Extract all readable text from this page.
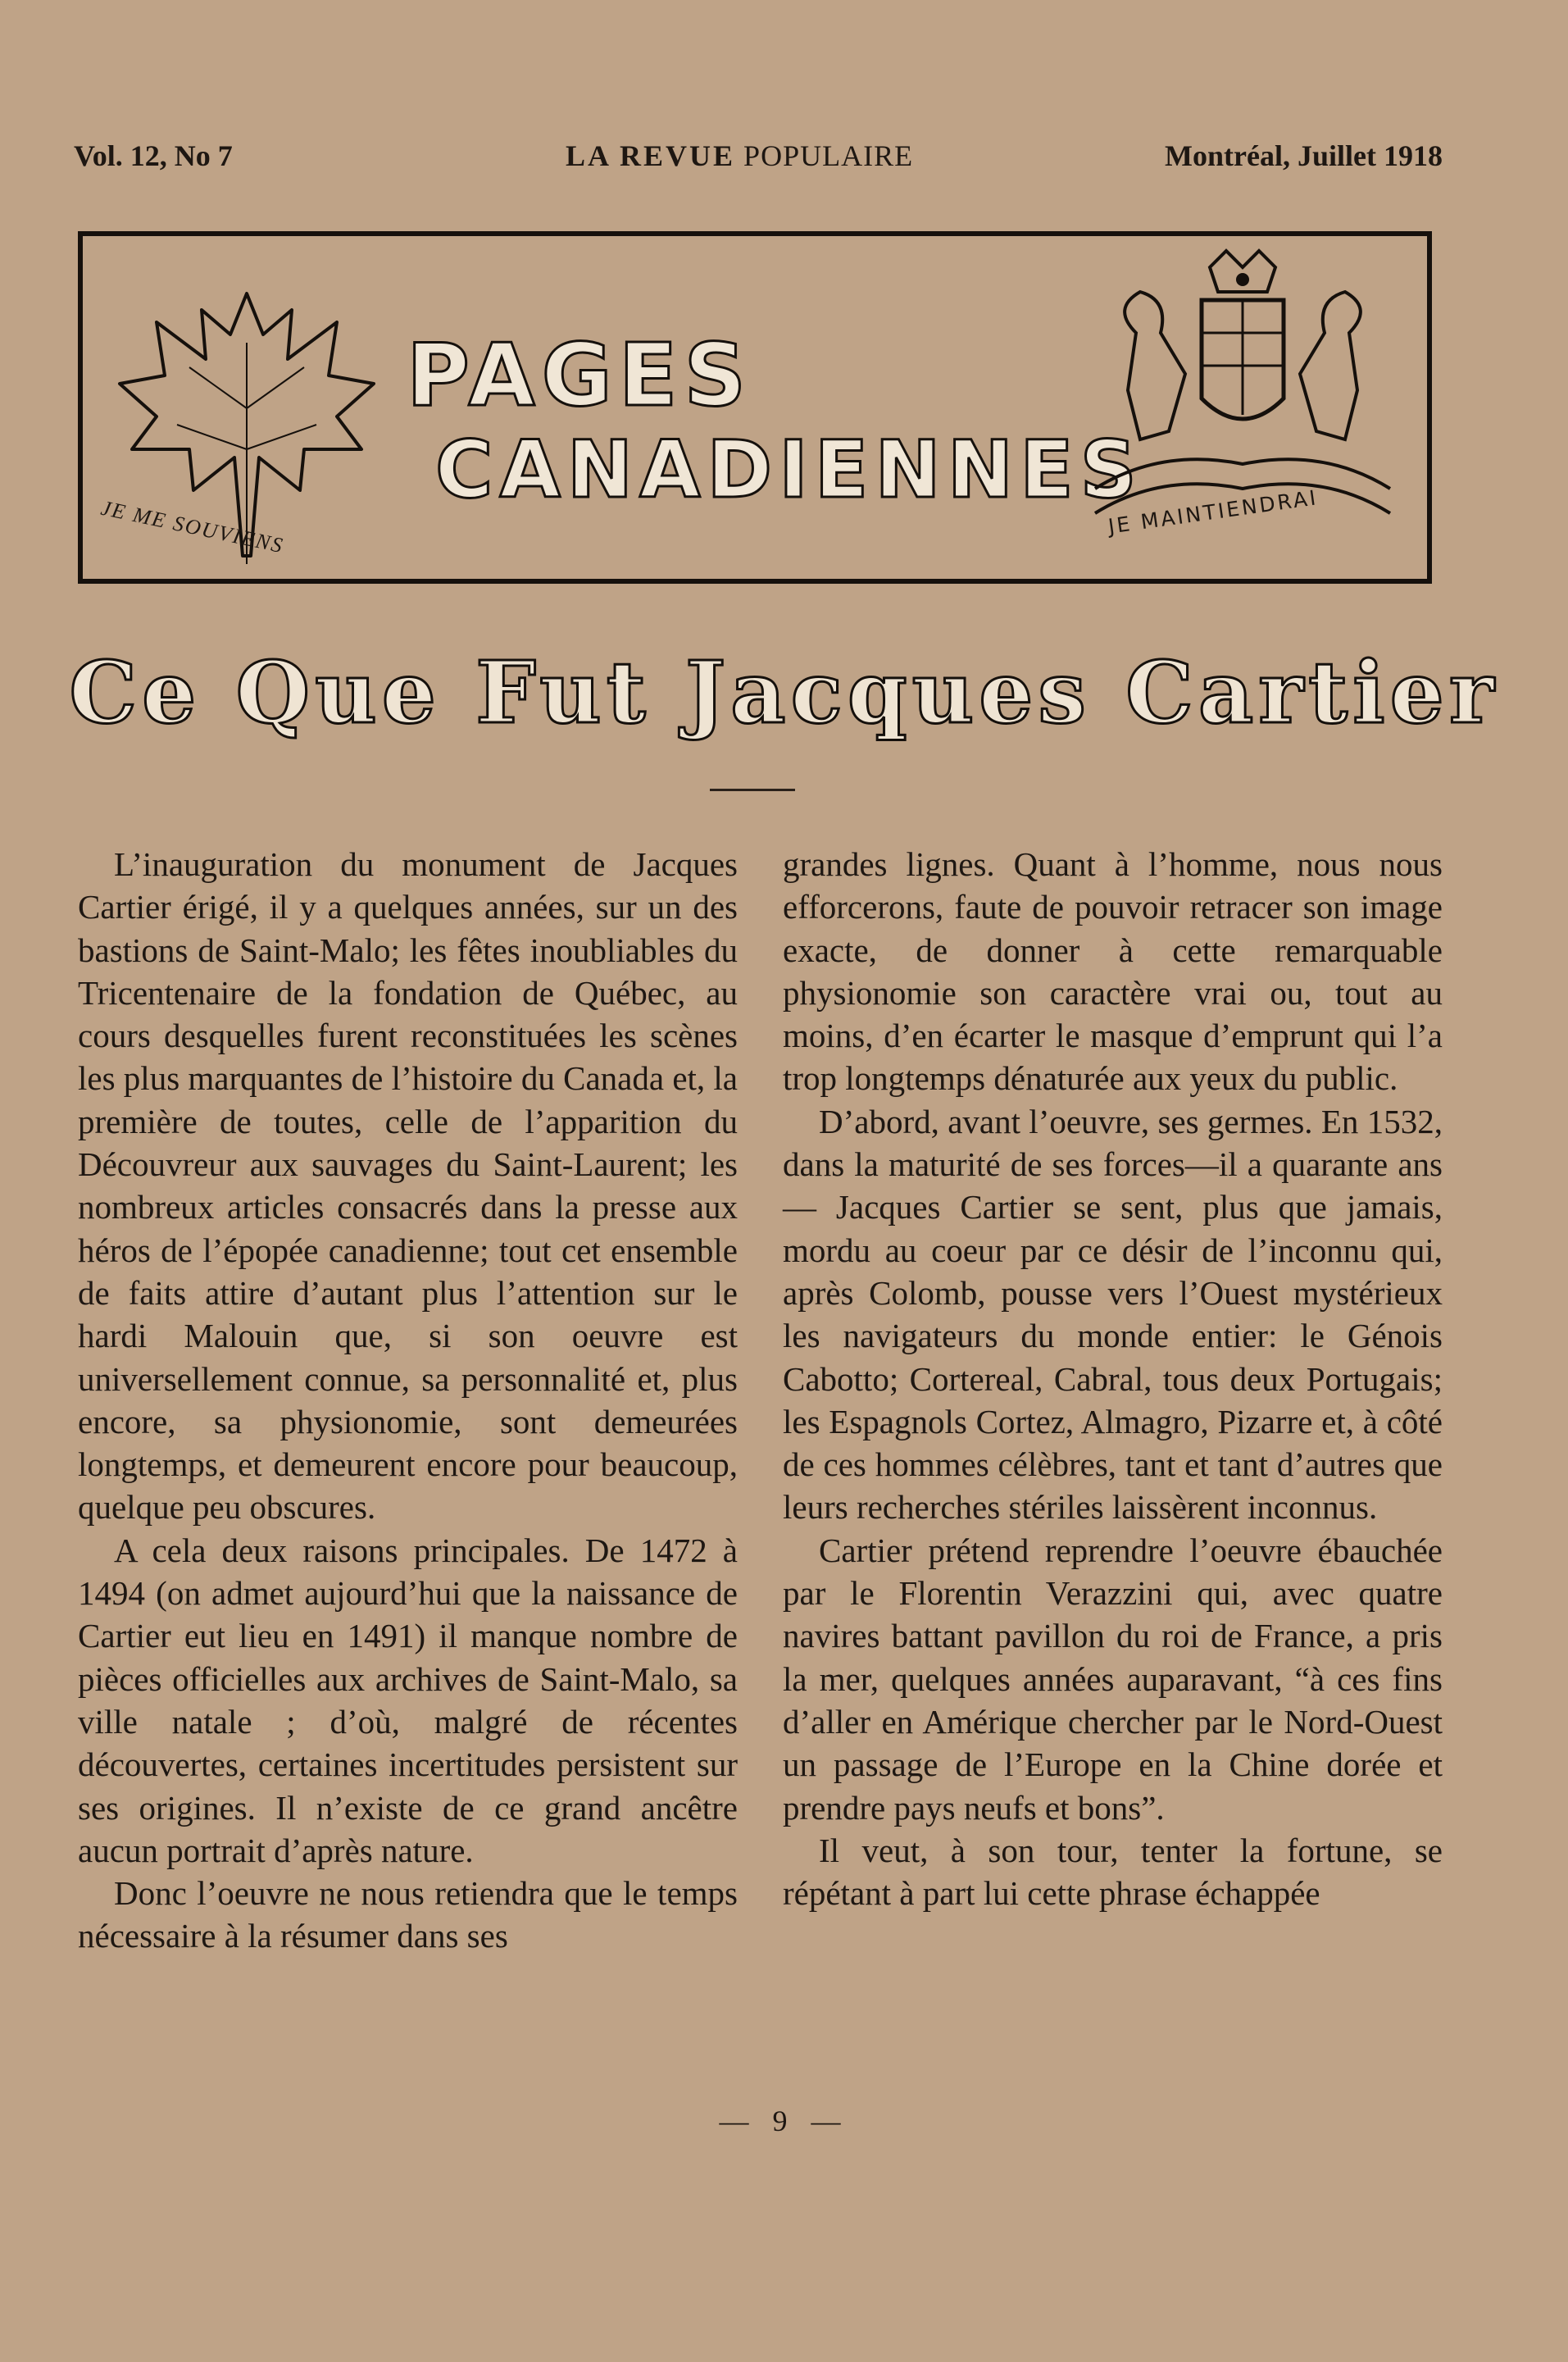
Vol. 12, No 7	LA REVUE POPULAIRE	Montréal, Juillet 1918
JE ME SOUVIENS
PAGES
CANADIENNES
JE MAINTIENDRAI
Ce Que Fut Jacques Cartier

L’inauguration du monument de Jacques Cartier érigé, il y a quelques années, sur un des bastions de Saint-Malo; les fêtes inoubliables du Tricentenaire de la fondation de Québec, au cours desquelles furent reconstituées les scènes les plus marquantes de l’histoire du Canada et, la première de toutes, celle de l’apparition du Découvreur aux sauvages du Saint-Laurent; les nombreux articles consacrés dans la presse aux héros de l’épopée canadienne; tout cet ensemble de faits attire d’autant plus l’attention sur le hardi Malouin que, si son oeuvre est universellement connue, sa personnalité et, plus encore, sa physionomie, sont demeurées longtemps, et demeurent encore pour beaucoup, quelque peu obscures.

A cela deux raisons principales. De 1472 à 1494 (on admet aujourd’hui que la naissance de Cartier eut lieu en 1491) il manque nombre de pièces officielles aux archives de Saint-Malo, sa ville natale ; d’où, malgré de récentes découvertes, certaines incertitudes persistent sur ses origines. Il n’existe de ce grand ancêtre aucun portrait d’après nature.

Donc l’oeuvre ne nous retiendra que le temps nécessaire à la résumer dans ses

grandes lignes. Quant à l’homme, nous nous efforcerons, faute de pouvoir retracer son image exacte, de donner à cette remarquable physionomie son caractère vrai ou, tout au moins, d’en écarter le masque d’emprunt qui l’a trop longtemps dénaturée aux yeux du public.

D’abord, avant l’oeuvre, ses germes. En 1532, dans la maturité de ses forces—il a quarante ans — Jacques Cartier se sent, plus que jamais, mordu au coeur par ce désir de l’inconnu qui, après Colomb, pousse vers l’Ouest mystérieux les navigateurs du monde entier: le Génois Cabotto; Cortereal, Cabral, tous deux Portugais; les Espagnols Cortez, Almagro, Pizarre et, à côté de ces hommes célèbres, tant et tant d’autres que leurs recherches stériles laissèrent inconnus.

Cartier prétend reprendre l’oeuvre ébauchée par le Florentin Verazzini qui, avec quatre navires battant pavillon du roi de France, a pris la mer, quelques années auparavant, “à ces fins d’aller en Amérique chercher par le Nord-Ouest un passage de l’Europe en la Chine dorée et prendre pays neufs et bons”.

Il veut, à son tour, tenter la fortune, se répétant à part lui cette phrase échappée

— 9 —
